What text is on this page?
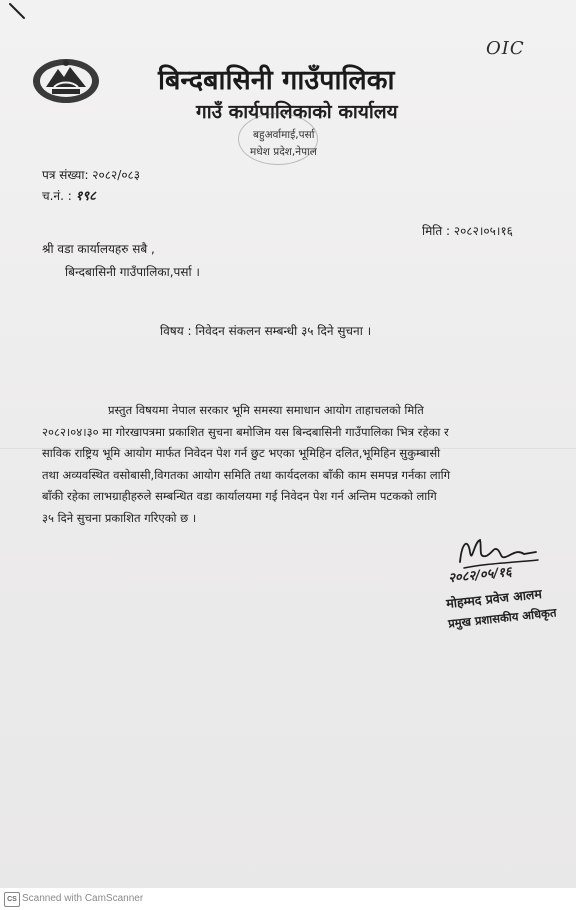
OIC
बिन्दबासिनी गाउँपालिका
गाउँ कार्यपालिकाको कार्यालय
बहुअर्वामाई,पर्सा
मधेश प्रदेश,नेपाल
पत्र संख्या: २०८२/०८३
च.नं. : १९८
मिति : २०८२।०५।१६
श्री वडा कार्यालयहरु सबै ,
बिन्दबासिनी गाउँपालिका,पर्सा ।
विषय : निवेदन संकलन सम्बन्धी ३५ दिने सुचना ।

प्रस्तुत विषयमा नेपाल सरकार भूमि समस्या समाधान आयोग ताहाचलको मिति
२०८२।०४।३० मा गोरखापत्रमा प्रकाशित सुचना बमोजिम यस बिन्दबासिनी गाउँपालिका भित्र रहेका र
साविक राष्ट्रिय भूमि आयोग मार्फत निवेदन पेश गर्न छुट भएका भूमिहिन दलित,भूमिहिन सुकुम्बासी
तथा अव्यवस्थित वसोबासी,विगतका आयोग समिति तथा कार्यदलका बाँकी काम समपन्न गर्नका लागि
बाँकी रहेका लाभग्राहीहरुले सम्बन्धित वडा कार्यालयमा गई निवेदन पेश गर्न अन्तिम पटकको लागि
३५ दिने सुचना प्रकाशित गरिएको छ ।

२०८२/०५/१६
मोहम्मद प्रवेज आलम
प्रमुख प्रशासकीय अधिकृत
CS Scanned with CamScanner
